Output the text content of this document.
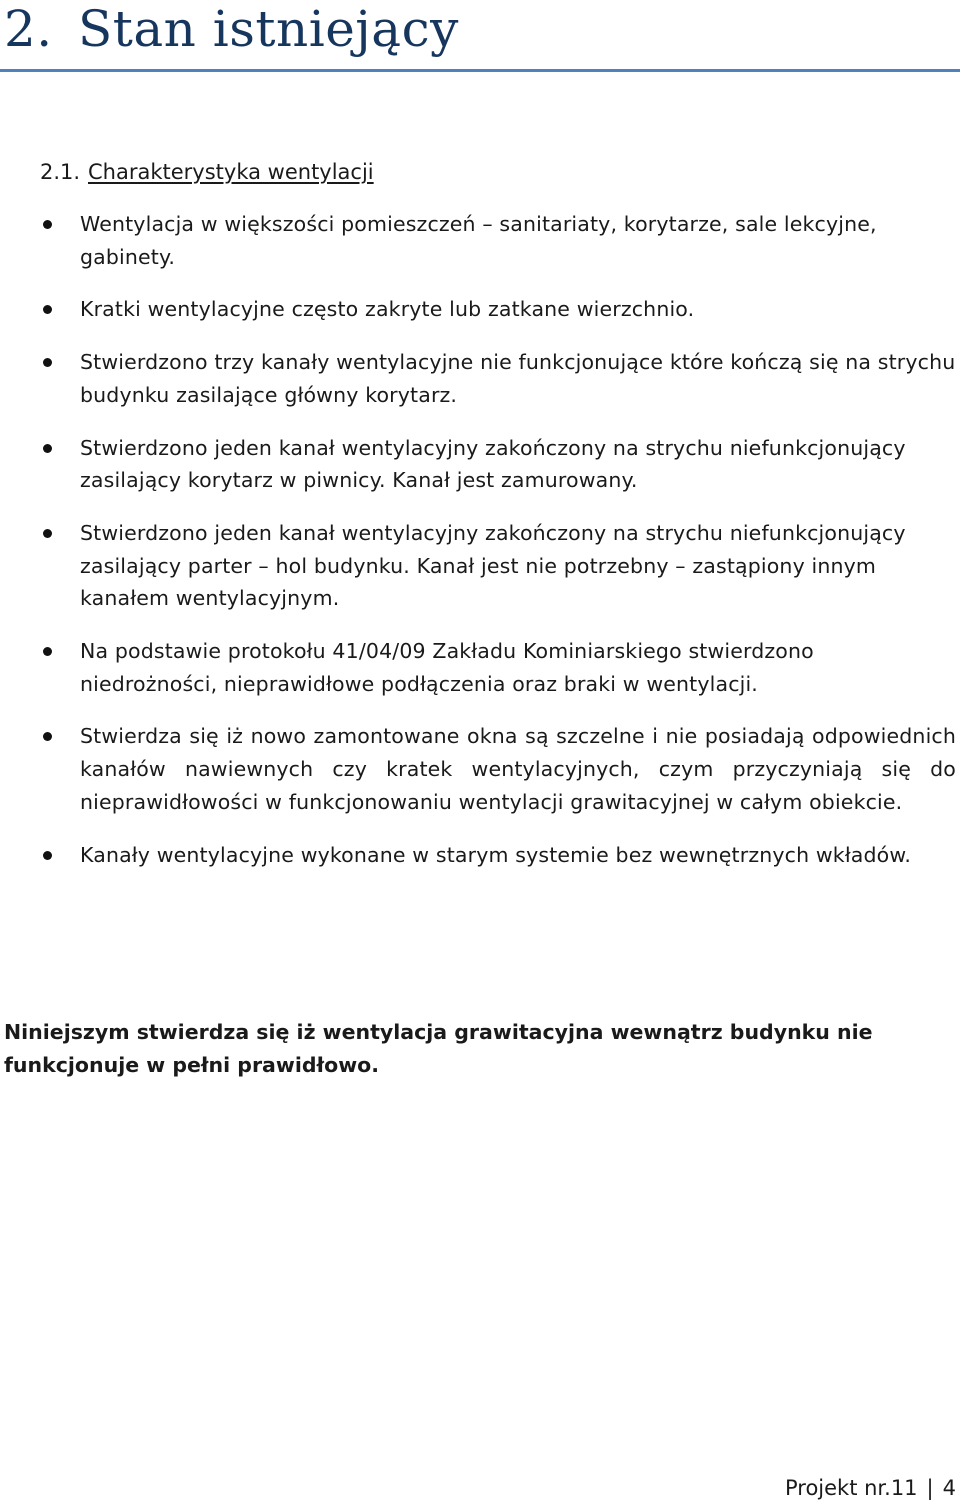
2. Stan istniejący
2.1. Charakterystyka wentylacji
Wentylacja w większości pomieszczeń – sanitariaty, korytarze, sale lekcyjne, gabinety.
Kratki wentylacyjne często zakryte lub zatkane wierzchnio.
Stwierdzono trzy kanały wentylacyjne nie funkcjonujące które kończą się na strychu budynku zasilające główny korytarz.
Stwierdzono jeden kanał wentylacyjny zakończony na strychu niefunkcjonujący zasilający korytarz w piwnicy. Kanał jest zamurowany.
Stwierdzono jeden kanał wentylacyjny zakończony na strychu niefunkcjonujący zasilający parter – hol budynku. Kanał jest nie potrzebny – zastąpiony innym kanałem wentylacyjnym.
Na podstawie protokołu 41/04/09 Zakładu Kominiarskiego stwierdzono niedrożności, nieprawidłowe podłączenia oraz braki w wentylacji.
Stwierdza się iż nowo zamontowane okna są szczelne i nie posiadają odpowiednich kanałów nawiewnych czy kratek wentylacyjnych, czym przyczyniają się do nieprawidłowości w funkcjonowaniu wentylacji grawitacyjnej w całym obiekcie.
Kanały wentylacyjne wykonane w starym systemie bez wewnętrznych wkładów.

Niniejszym stwierdza się iż wentylacja grawitacyjna wewnątrz budynku nie funkcjonuje w pełni prawidłowo.

Projekt nr.11 | 4
